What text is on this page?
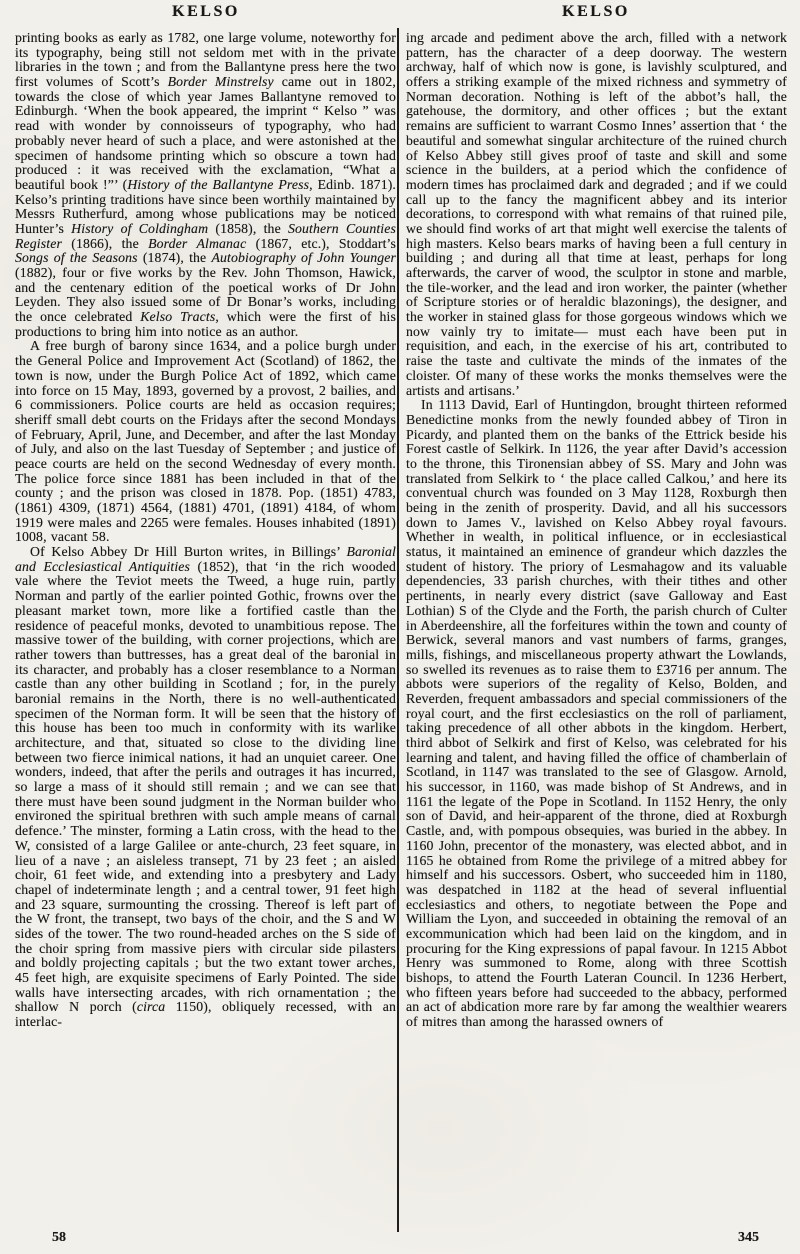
KELSO	KELSO

printing books as early as 1782, one large volume, noteworthy for its typography, being still not seldom met with in the private libraries in the town ; and from the Ballantyne press here the two first volumes of Scott’s Border Minstrelsy came out in 1802, towards the close of which year James Ballantyne removed to Edinburgh. ‘When the book appeared, the imprint “ Kelso ” was read with wonder by connoisseurs of typography, who had probably never heard of such a place, and were astonished at the specimen of handsome printing which so obscure a town had produced : it was received with the exclamation, “What a beautiful book !”’ (History of the Ballantyne Press, Edinb. 1871). Kelso’s printing traditions have since been worthily maintained by Messrs Rutherfurd, among whose publications may be noticed Hunter’s History of Coldingham (1858), the Southern Counties Register (1866), the Border Almanac (1867, etc.), Stoddart’s Songs of the Seasons (1874), the Autobiography of John Younger (1882), four or five works by the Rev. John Thomson, Hawick, and the centenary edition of the poetical works of Dr John Leyden. They also issued some of Dr Bonar’s works, including the once celebrated Kelso Tracts, which were the first of his productions to bring him into notice as an author.

A free burgh of barony since 1634, and a police burgh under the General Police and Improvement Act (Scotland) of 1862, the town is now, under the Burgh Police Act of 1892, which came into force on 15 May, 1893, governed by a provost, 2 bailies, and 6 commissioners. Police courts are held as occasion requires; sheriff small debt courts on the Fridays after the second Mondays of February, April, June, and December, and after the last Monday of July, and also on the last Tuesday of September ; and justice of peace courts are held on the second Wednesday of every month. The police force since 1881 has been included in that of the county ; and the prison was closed in 1878. Pop. (1851) 4783, (1861) 4309, (1871) 4564, (1881) 4701, (1891) 4184, of whom 1919 were males and 2265 were females. Houses inhabited (1891) 1008, vacant 58.

Of Kelso Abbey Dr Hill Burton writes, in Billings’ Baronial and Ecclesiastical Antiquities (1852), that ‘in the rich wooded vale where the Teviot meets the Tweed, a huge ruin, partly Norman and partly of the earlier pointed Gothic, frowns over the pleasant market town, more like a fortified castle than the residence of peaceful monks, devoted to unambitious repose. The massive tower of the building, with corner projections, which are rather towers than buttresses, has a great deal of the baronial in its character, and probably has a closer resemblance to a Norman castle than any other building in Scotland ; for, in the purely baronial remains in the North, there is no well-authenticated specimen of the Norman form. It will be seen that the history of this house has been too much in conformity with its warlike architecture, and that, situated so close to the dividing line between two fierce inimical nations, it had an unquiet career. One wonders, indeed, that after the perils and outrages it has incurred, so large a mass of it should still remain ; and we can see that there must have been sound judgment in the Norman builder who environed the spiritual brethren with such ample means of carnal defence.’ The minster, forming a Latin cross, with the head to the W, consisted of a large Galilee or ante-church, 23 feet square, in lieu of a nave ; an aisleless transept, 71 by 23 feet ; an aisled choir, 61 feet wide, and extending into a presbytery and Lady chapel of indeterminate length ; and a central tower, 91 feet high and 23 square, surmounting the crossing. Thereof is left part of the W front, the transept, two bays of the choir, and the S and W sides of the tower. The two round-headed arches on the S side of the choir spring from massive piers with circular side pilasters and boldly projecting capitals ; but the two extant tower arches, 45 feet high, are exquisite specimens of Early Pointed. The side walls have intersecting arcades, with rich ornamentation ; the shallow N porch (circa 1150), obliquely recessed, with an interlac-

ing arcade and pediment above the arch, filled with a network pattern, has the character of a deep doorway. The western archway, half of which now is gone, is lavishly sculptured, and offers a striking example of the mixed richness and symmetry of Norman decoration. Nothing is left of the abbot’s hall, the gatehouse, the dormitory, and other offices ; but the extant remains are sufficient to warrant Cosmo Innes’ assertion that ‘ the beautiful and somewhat singular architecture of the ruined church of Kelso Abbey still gives proof of taste and skill and some science in the builders, at a period which the confidence of modern times has proclaimed dark and degraded ; and if we could call up to the fancy the magnificent abbey and its interior decorations, to correspond with what remains of that ruined pile, we should find works of art that might well exercise the talents of high masters. Kelso bears marks of having been a full century in building ; and during all that time at least, perhaps for long afterwards, the carver of wood, the sculptor in stone and marble, the tile-worker, and the lead and iron worker, the painter (whether of Scripture stories or of heraldic blazonings), the designer, and the worker in stained glass for those gorgeous windows which we now vainly try to imitate— must each have been put in requisition, and each, in the exercise of his art, contributed to raise the taste and cultivate the minds of the inmates of the cloister. Of many of these works the monks themselves were the artists and artisans.’

In 1113 David, Earl of Huntingdon, brought thirteen reformed Benedictine monks from the newly founded abbey of Tiron in Picardy, and planted them on the banks of the Ettrick beside his Forest castle of Selkirk. In 1126, the year after David’s accession to the throne, this Tironensian abbey of SS. Mary and John was translated from Selkirk to ‘ the place called Calkou,’ and here its conventual church was founded on 3 May 1128, Roxburgh then being in the zenith of prosperity. David, and all his successors down to James V., lavished on Kelso Abbey royal favours. Whether in wealth, in political influence, or in ecclesiastical status, it maintained an eminence of grandeur which dazzles the student of history. The priory of Lesmahagow and its valuable dependencies, 33 parish churches, with their tithes and other pertinents, in nearly every district (save Galloway and East Lothian) S of the Clyde and the Forth, the parish church of Culter in Aberdeenshire, all the forfeitures within the town and county of Berwick, several manors and vast numbers of farms, granges, mills, fishings, and miscellaneous property athwart the Lowlands, so swelled its revenues as to raise them to £3716 per annum. The abbots were superiors of the regality of Kelso, Bolden, and Reverden, frequent ambassadors and special commissioners of the royal court, and the first ecclesiastics on the roll of parliament, taking precedence of all other abbots in the kingdom. Herbert, third abbot of Selkirk and first of Kelso, was celebrated for his learning and talent, and having filled the office of chamberlain of Scotland, in 1147 was translated to the see of Glasgow. Arnold, his successor, in 1160, was made bishop of St Andrews, and in 1161 the legate of the Pope in Scotland. In 1152 Henry, the only son of David, and heir-apparent of the throne, died at Roxburgh Castle, and, with pompous obsequies, was buried in the abbey. In 1160 John, precentor of the monastery, was elected abbot, and in 1165 he obtained from Rome the privilege of a mitred abbey for himself and his successors. Osbert, who succeeded him in 1180, was despatched in 1182 at the head of several influential ecclesiastics and others, to negotiate between the Pope and William the Lyon, and succeeded in obtaining the removal of an excommunication which had been laid on the kingdom, and in procuring for the King expressions of papal favour. In 1215 Abbot Henry was summoned to Rome, along with three Scottish bishops, to attend the Fourth Lateran Council. In 1236 Herbert, who fifteen years before had succeeded to the abbacy, performed an act of abdication more rare by far among the wealthier wearers of mitres than among the harassed owners of

58	345
